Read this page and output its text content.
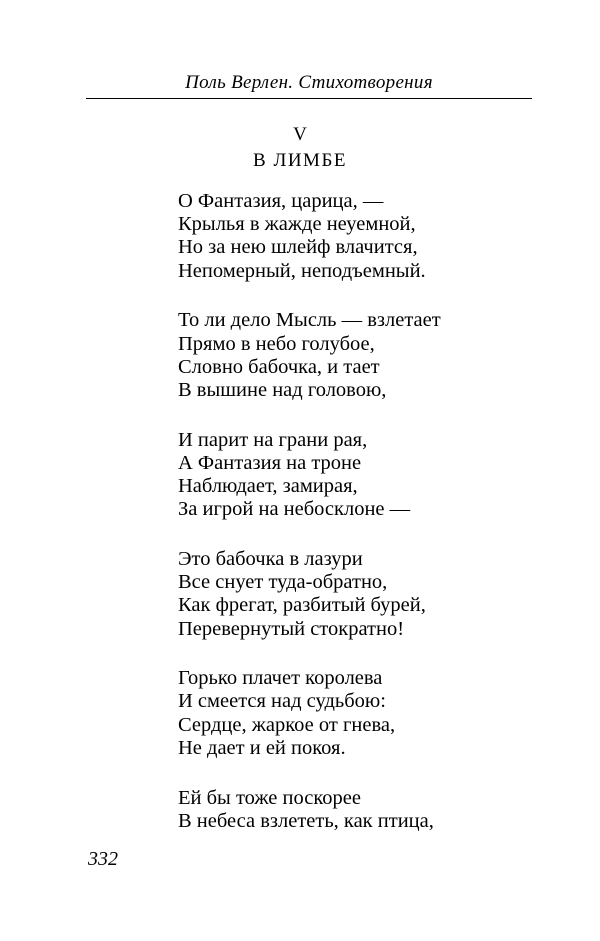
Поль Верлен. Стихотворения
V
В ЛИМБЕ
О Фантазия, царица, —
Крылья в жажде неуемной,
Но за нею шлейф влачится,
Непомерный, неподъемный.
То ли дело Мысль — взлетает
Прямо в небо голубое,
Словно бабочка, и тает
В вышине над головою,
И парит на грани рая,
А Фантазия на троне
Наблюдает, замирая,
За игрой на небосклоне —
Это бабочка в лазури
Все снует туда-обратно,
Как фрегат, разбитый бурей,
Перевернутый стократно!
Горько плачет королева
И смеется над судьбою:
Сердце, жаркое от гнева,
Не дает и ей покоя.
Ей бы тоже поскорее
В небеса взлететь, как птица,
332
